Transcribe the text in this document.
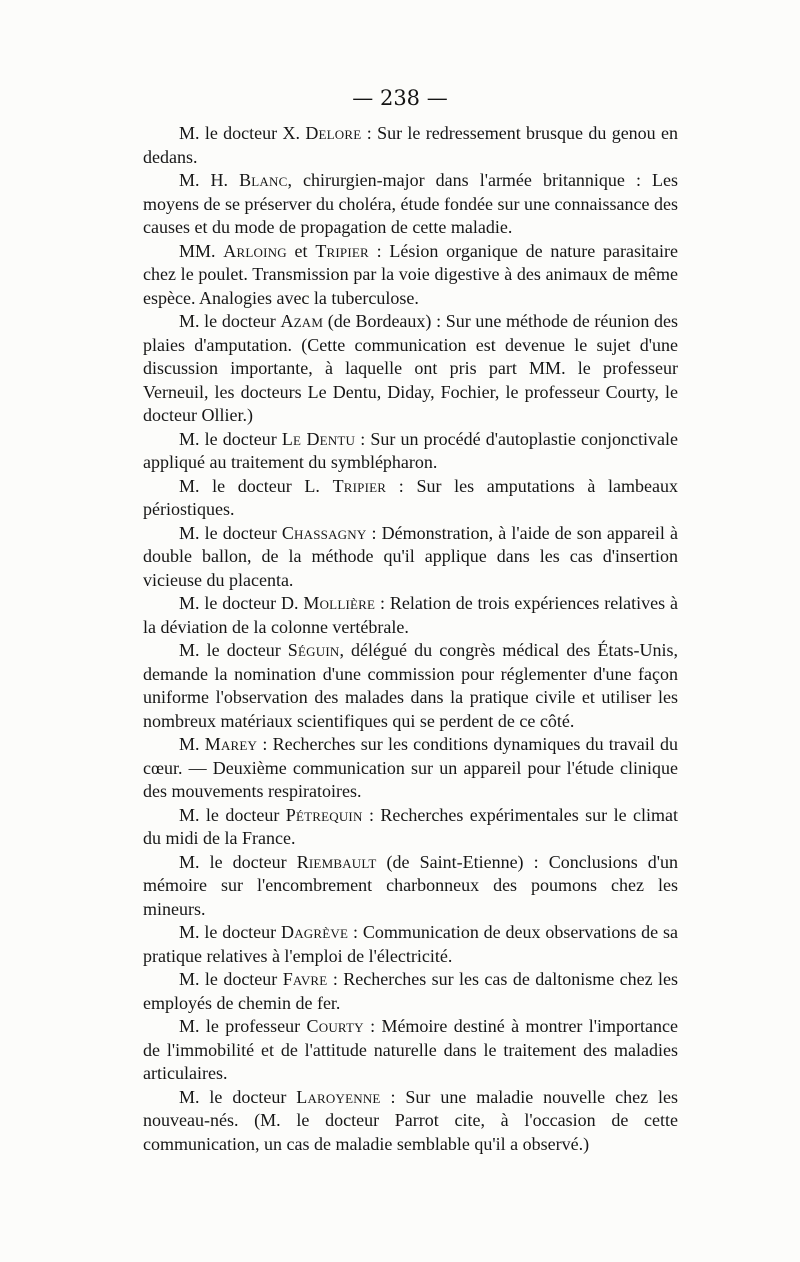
— 238 —

M. le docteur X. Delore : Sur le redressement brusque du genou en dedans.

M. H. Blanc, chirurgien-major dans l'armée britannique : Les moyens de se préserver du choléra, étude fondée sur une connaissance des causes et du mode de propagation de cette maladie.

MM. Arloing et Tripier : Lésion organique de nature parasitaire chez le poulet. Transmission par la voie digestive à des animaux de même espèce. Analogies avec la tuberculose.

M. le docteur Azam (de Bordeaux) : Sur une méthode de réunion des plaies d'amputation. (Cette communication est devenue le sujet d'une discussion importante, à laquelle ont pris part MM. le professeur Verneuil, les docteurs Le Dentu, Diday, Fochier, le professeur Courty, le docteur Ollier.)

M. le docteur Le Dentu : Sur un procédé d'autoplastie conjonctivale appliqué au traitement du symblépharon.

M. le docteur L. Tripier : Sur les amputations à lambeaux périostiques.

M. le docteur Chassagny : Démonstration, à l'aide de son appareil à double ballon, de la méthode qu'il applique dans les cas d'insertion vicieuse du placenta.

M. le docteur D. Mollière : Relation de trois expériences relatives à la déviation de la colonne vertébrale.

M. le docteur Séguin, délégué du congrès médical des États-Unis, demande la nomination d'une commission pour réglementer d'une façon uniforme l'observation des malades dans la pratique civile et utiliser les nombreux matériaux scientifiques qui se perdent de ce côté.

M. Marey : Recherches sur les conditions dynamiques du travail du cœur. — Deuxième communication sur un appareil pour l'étude clinique des mouvements respiratoires.

M. le docteur Pétrequin : Recherches expérimentales sur le climat du midi de la France.

M. le docteur Riembault (de Saint-Etienne) : Conclusions d'un mémoire sur l'encombrement charbonneux des poumons chez les mineurs.

M. le docteur Dagrève : Communication de deux observations de sa pratique relatives à l'emploi de l'électricité.

M. le docteur Favre : Recherches sur les cas de daltonisme chez les employés de chemin de fer.

M. le professeur Courty : Mémoire destiné à montrer l'importance de l'immobilité et de l'attitude naturelle dans le traitement des maladies articulaires.

M. le docteur Laroyenne : Sur une maladie nouvelle chez les nouveau-nés. (M. le docteur Parrot cite, à l'occasion de cette communication, un cas de maladie semblable qu'il a observé.)
